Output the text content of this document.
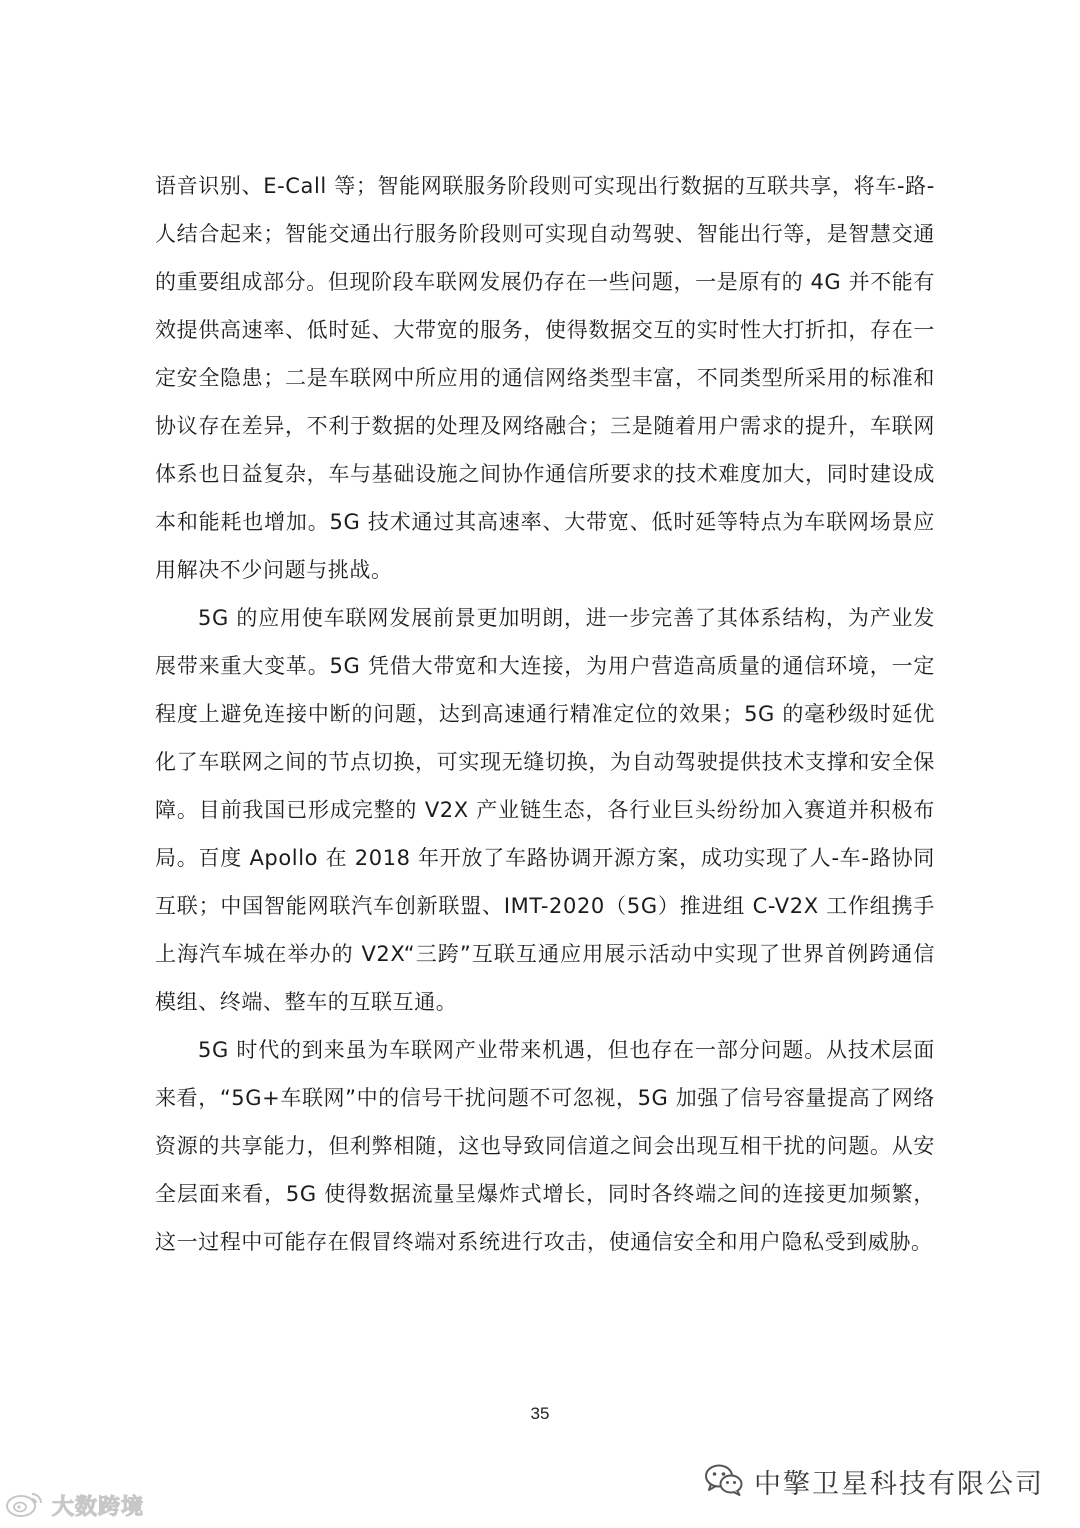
语音识别、E-Call 等；智能网联服务阶段则可实现出行数据的互联共享，将车-路-人结合起来；智能交通出行服务阶段则可实现自动驾驶、智能出行等，是智慧交通的重要组成部分。但现阶段车联网发展仍存在一些问题，一是原有的 4G 并不能有效提供高速率、低时延、大带宽的服务，使得数据交互的实时性大打折扣，存在一定安全隐患；二是车联网中所应用的通信网络类型丰富，不同类型所采用的标准和协议存在差异，不利于数据的处理及网络融合；三是随着用户需求的提升，车联网体系也日益复杂，车与基础设施之间协作通信所要求的技术难度加大，同时建设成本和能耗也增加。5G 技术通过其高速率、大带宽、低时延等特点为车联网场景应用解决不少问题与挑战。

5G 的应用使车联网发展前景更加明朗，进一步完善了其体系结构，为产业发展带来重大变革。5G 凭借大带宽和大连接，为用户营造高质量的通信环境，一定程度上避免连接中断的问题，达到高速通行精准定位的效果；5G 的毫秒级时延优化了车联网之间的节点切换，可实现无缝切换，为自动驾驶提供技术支撑和安全保障。目前我国已形成完整的 V2X 产业链生态，各行业巨头纷纷加入赛道并积极布局。百度 Apollo 在 2018 年开放了车路协调开源方案，成功实现了人-车-路协同互联；中国智能网联汽车创新联盟、IMT-2020（5G）推进组 C-V2X 工作组携手上海汽车城在举办的 V2X“三跨”互联互通应用展示活动中实现了世界首例跨通信模组、终端、整车的互联互通。

5G 时代的到来虽为车联网产业带来机遇，但也存在一部分问题。从技术层面来看，“5G+车联网”中的信号干扰问题不可忽视，5G 加强了信号容量提高了网络资源的共享能力，但利弊相随，这也导致同信道之间会出现互相干扰的问题。从安全层面来看，5G 使得数据流量呈爆炸式增长，同时各终端之间的连接更加频繁，这一过程中可能存在假冒终端对系统进行攻击，使通信安全和用户隐私受到威胁。

35
大数跨境
中擎卫星科技有限公司
